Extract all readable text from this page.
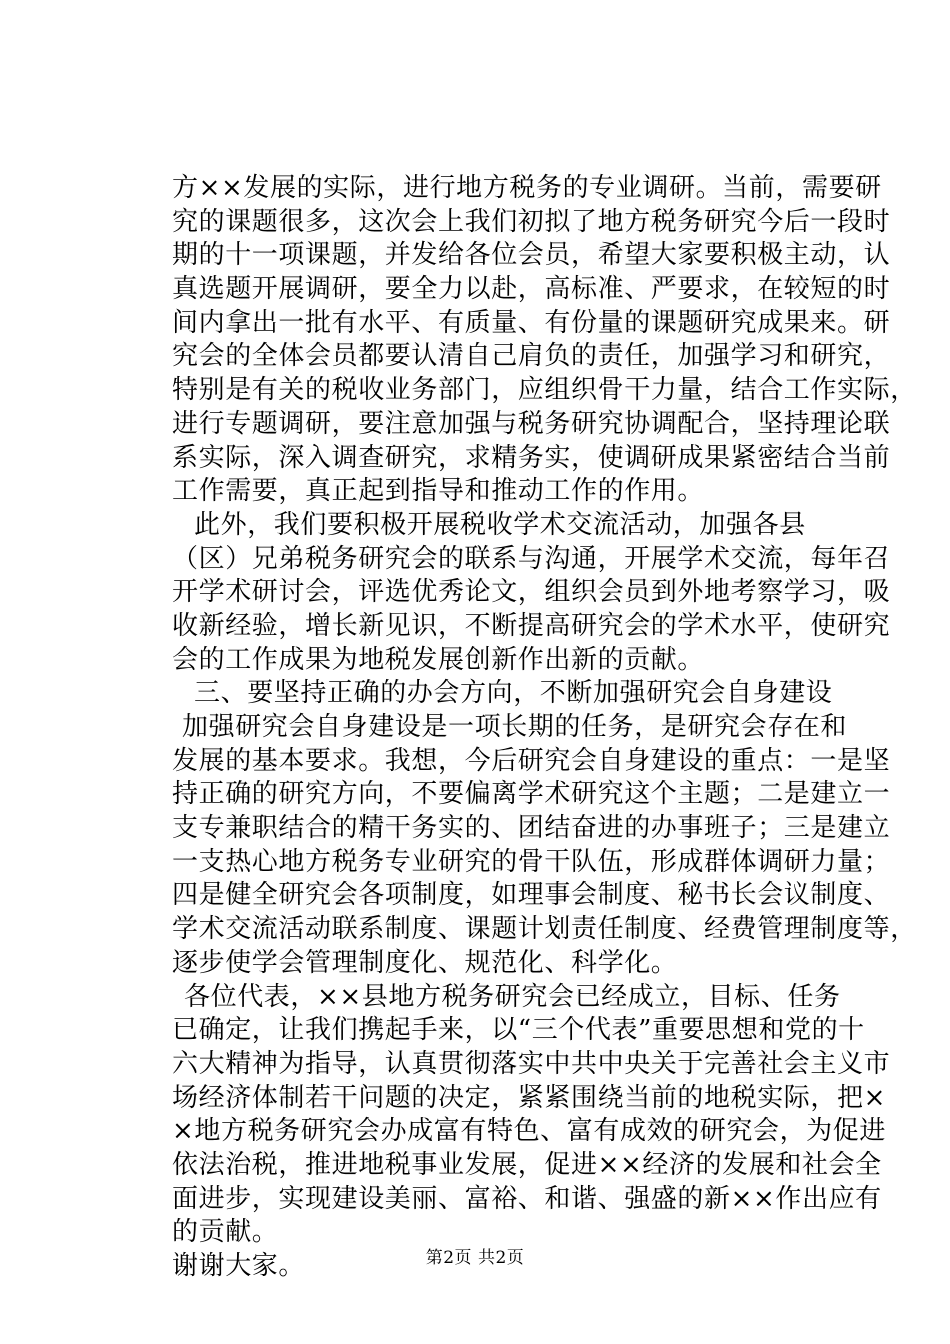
方××发展的实际，进行地方税务的专业调研。当前，需要研
究的课题很多，这次会上我们初拟了地方税务研究今后一段时
期的十一项课题，并发给各位会员，希望大家要积极主动，认
真选题开展调研，要全力以赴，高标准、严要求，在较短的时
间内拿出一批有水平、有质量、有份量的课题研究成果来。研
究会的全体会员都要认清自己肩负的责任，加强学习和研究，
特别是有关的税收业务部门，应组织骨干力量，结合工作实际，
进行专题调研，要注意加强与税务研究协调配合，坚持理论联
系实际，深入调查研究，求精务实，使调研成果紧密结合当前
工作需要，真正起到指导和推动工作的作用。
此外，我们要积极开展税收学术交流活动，加强各县
（区）兄弟税务研究会的联系与沟通，开展学术交流，每年召
开学术研讨会，评选优秀论文，组织会员到外地考察学习，吸
收新经验，增长新见识，不断提高研究会的学术水平，使研究
会的工作成果为地税发展创新作出新的贡献。
三、要坚持正确的办会方向，不断加强研究会自身建设
加强研究会自身建设是一项长期的任务，是研究会存在和
发展的基本要求。我想，今后研究会自身建设的重点：一是坚
持正确的研究方向，不要偏离学术研究这个主题；二是建立一
支专兼职结合的精干务实的、团结奋进的办事班子；三是建立
一支热心地方税务专业研究的骨干队伍，形成群体调研力量；
四是健全研究会各项制度，如理事会制度、秘书长会议制度、
学术交流活动联系制度、课题计划责任制度、经费管理制度等，
逐步使学会管理制度化、规范化、科学化。
各位代表，××县地方税务研究会已经成立，目标、任务
已确定，让我们携起手来，以“三个代表”重要思想和党的十
六大精神为指导，认真贯彻落实中共中央关于完善社会主义市
场经济体制若干问题的决定，紧紧围绕当前的地税实际，把×
×地方税务研究会办成富有特色、富有成效的研究会，为促进
依法治税，推进地税事业发展，促进××经济的发展和社会全
面进步，实现建设美丽、富裕、和谐、强盛的新××作出应有
的贡献。
谢谢大家。	第2页 共2页
